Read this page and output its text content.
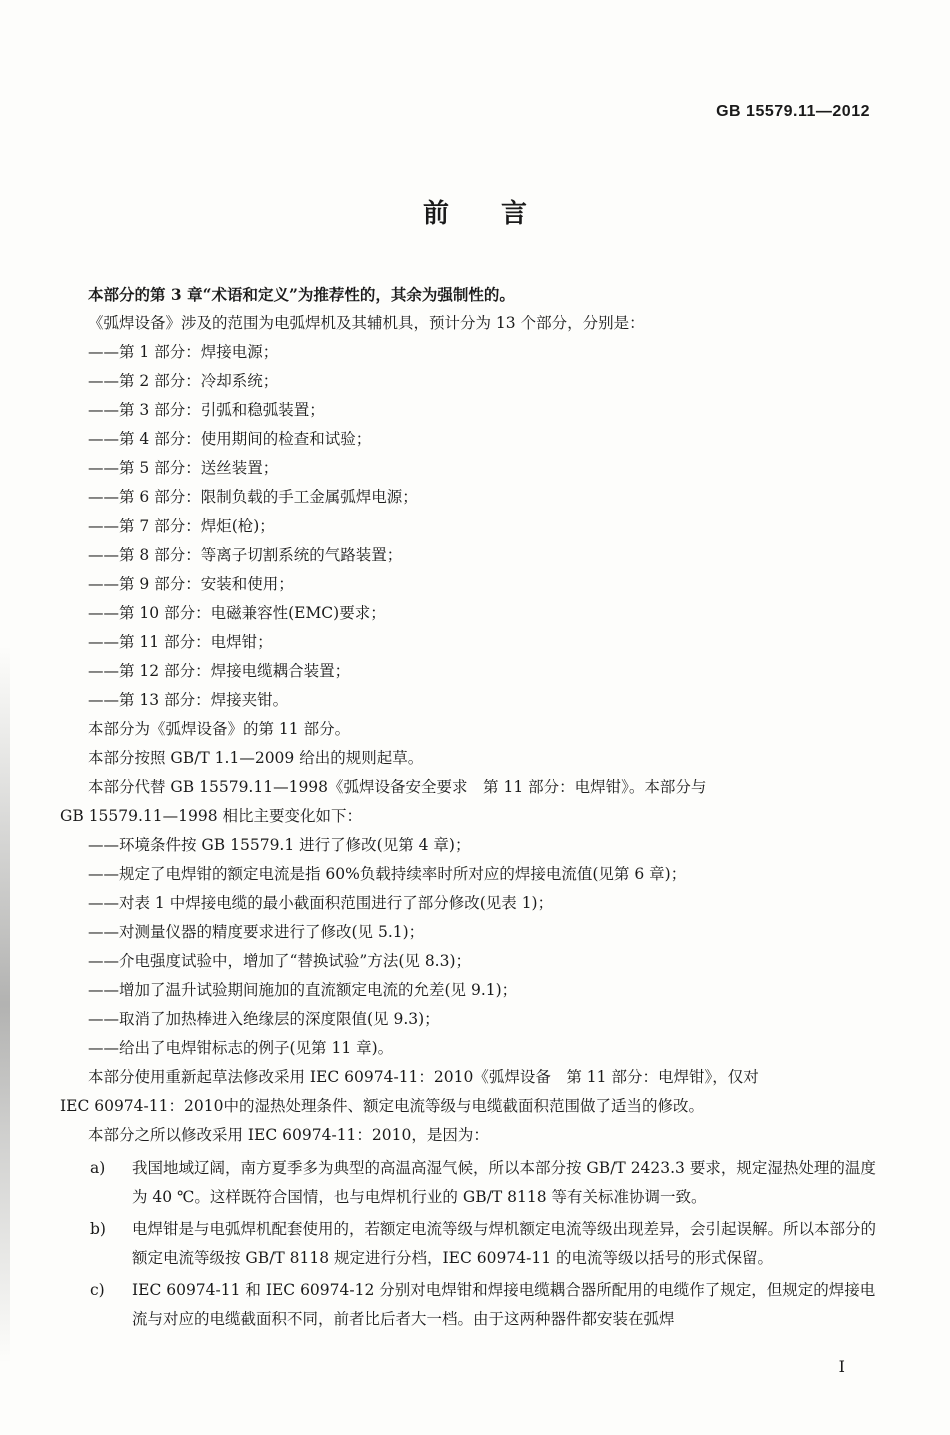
GB 15579.11—2012
前言

本部分的第 3 章“术语和定义”为推荐性的，其余为强制性的。

《弧焊设备》涉及的范围为电弧焊机及其辅机具，预计分为 13 个部分，分别是：

——第 1 部分：焊接电源；

——第 2 部分：冷却系统；

——第 3 部分：引弧和稳弧装置；

——第 4 部分：使用期间的检查和试验；

——第 5 部分：送丝装置；

——第 6 部分：限制负载的手工金属弧焊电源；

——第 7 部分：焊炬(枪)；

——第 8 部分：等离子切割系统的气路装置；

——第 9 部分：安装和使用；

——第 10 部分：电磁兼容性(EMC)要求；

——第 11 部分：电焊钳；

——第 12 部分：焊接电缆耦合装置；

——第 13 部分：焊接夹钳。

本部分为《弧焊设备》的第 11 部分。

本部分按照 GB/T 1.1—2009 给出的规则起草。

本部分代替 GB 15579.11—1998《弧焊设备安全要求　第 11 部分：电焊钳》。本部分与

GB 15579.11—1998 相比主要变化如下：

——环境条件按 GB 15579.1 进行了修改(见第 4 章)；

——规定了电焊钳的额定电流是指 60%负载持续率时所对应的焊接电流值(见第 6 章)；

——对表 1 中焊接电缆的最小截面积范围进行了部分修改(见表 1)；

——对测量仪器的精度要求进行了修改(见 5.1)；

——介电强度试验中，增加了“替换试验”方法(见 8.3)；

——增加了温升试验期间施加的直流额定电流的允差(见 9.1)；

——取消了加热棒进入绝缘层的深度限值(见 9.3)；

——给出了电焊钳标志的例子(见第 11 章)。

本部分使用重新起草法修改采用 IEC 60974-11：2010《弧焊设备　第 11 部分：电焊钳》，仅对

IEC 60974-11：2010中的湿热处理条件、额定电流等级与电缆截面积范围做了适当的修改。

本部分之所以修改采用 IEC 60974-11：2010，是因为：

a) 我国地域辽阔，南方夏季多为典型的高温高湿气候，所以本部分按 GB/T 2423.3 要求，规定湿热处理的温度为 40 ℃。这样既符合国情，也与电焊机行业的 GB/T 8118 等有关标准协调一致。
b) 电焊钳是与电弧焊机配套使用的，若额定电流等级与焊机额定电流等级出现差异，会引起误解。所以本部分的额定电流等级按 GB/T 8118 规定进行分档，IEC 60974-11 的电流等级以括号的形式保留。
c) IEC 60974-11 和 IEC 60974-12 分别对电焊钳和焊接电缆耦合器所配用的电缆作了规定，但规定的焊接电流与对应的电缆截面积不同，前者比后者大一档。由于这两种器件都安装在弧焊
I
